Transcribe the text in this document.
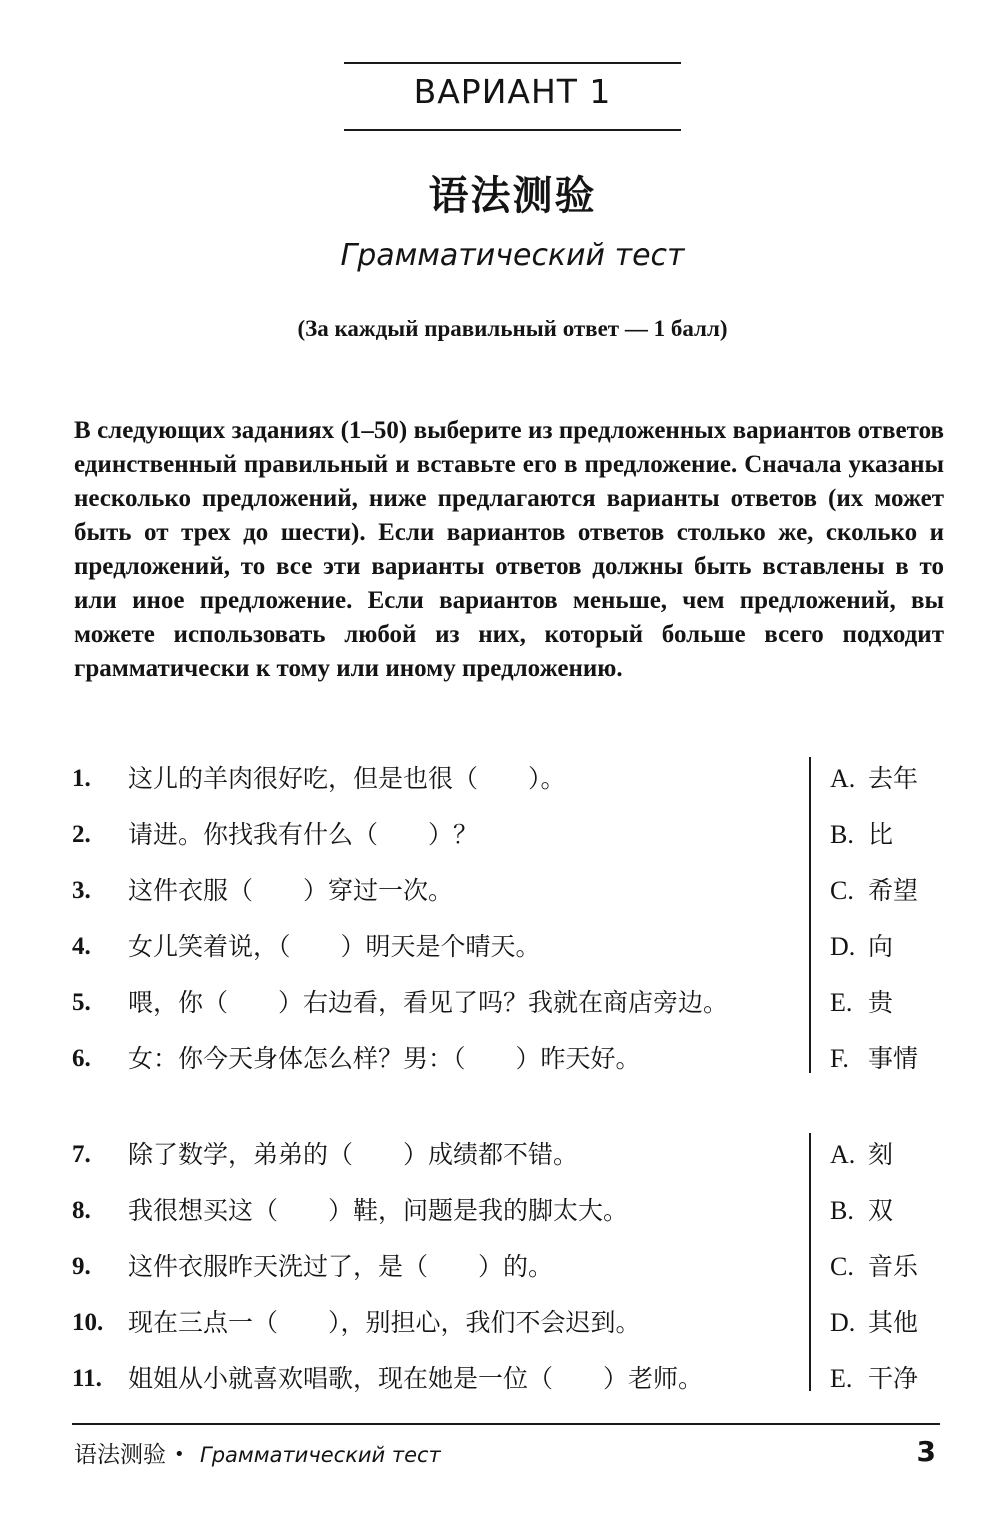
ВАРИАНТ 1
语法测验
Грамматический тест
(За каждый правильный ответ — 1 балл)

В следующих заданиях (1–50) выберите из предложенных вариантов ответов единственный правильный и вставьте его в предложение. Сначала указаны несколько предложений, ниже предлагаются варианты ответов (их может быть от трех до шести). Если вариантов ответов столько же, сколько и предложений, то все эти варианты ответов должны быть вставлены в то или иное предложение. Если вариантов меньше, чем предложений, вы можете использовать любой из них, который больше всего подходит грамматически к тому или иному предложению.

1.	这儿的羊肉很好吃，但是也很（　　）。
2.	请进。你找我有什么（　　）？
3.	这件衣服（　　）穿过一次。
4.	女儿笑着说，（　　）明天是个晴天。
5.	喂，你（　　）右边看，看见了吗？我就在商店旁边。
6.	女：你今天身体怎么样？男：（　　）昨天好。
A. 去年
B. 比
C. 希望
D. 向
E. 贵
F. 事情
7.	除了数学，弟弟的（　　）成绩都不错。
8.	我很想买这（　　）鞋，问题是我的脚太大。
9.	这件衣服昨天洗过了，是（　　）的。
10. 现在三点一（　　），别担心，我们不会迟到。
11.	姐姐从小就喜欢唱歌，现在她是一位（　　）老师。
A. 刻
B. 双
C. 音乐
D. 其他
E. 干净
语法测验 • Грамматический тест	3
